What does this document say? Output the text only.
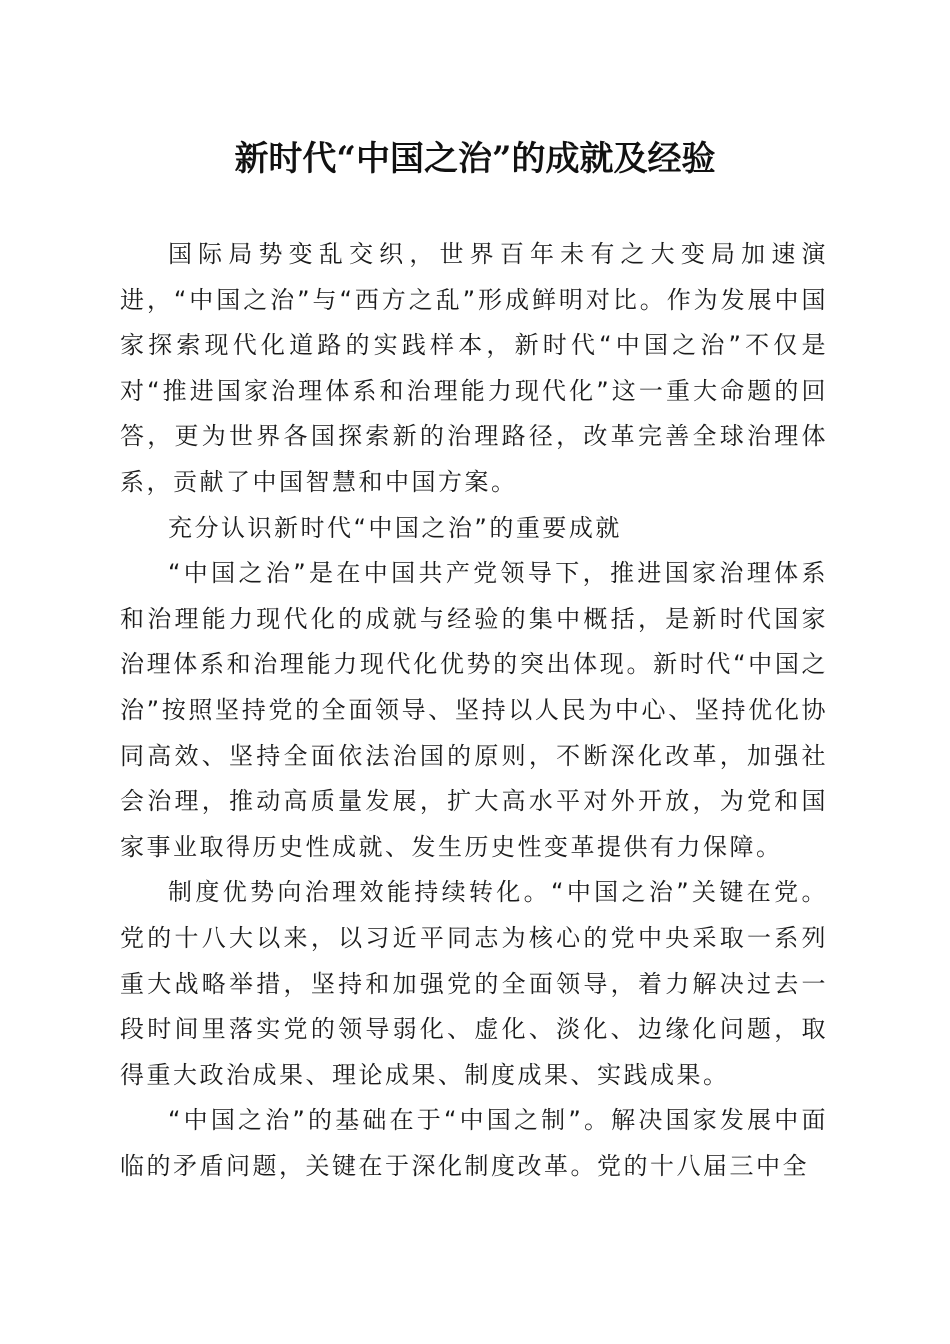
新时代“中国之治”的成就及经验

国际局势变乱交织，世界百年未有之大变局加速演进，“中国之治”与“西方之乱”形成鲜明对比。作为发展中国家探索现代化道路的实践样本，新时代“中国之治”不仅是对“推进国家治理体系和治理能力现代化”这一重大命题的回答，更为世界各国探索新的治理路径，改革完善全球治理体系，贡献了中国智慧和中国方案。

充分认识新时代“中国之治”的重要成就

“中国之治”是在中国共产党领导下，推进国家治理体系和治理能力现代化的成就与经验的集中概括，是新时代国家治理体系和治理能力现代化优势的突出体现。新时代“中国之治”按照坚持党的全面领导、坚持以人民为中心、坚持优化协同高效、坚持全面依法治国的原则，不断深化改革，加强社会治理，推动高质量发展，扩大高水平对外开放，为党和国家事业取得历史性成就、发生历史性变革提供有力保障。

制度优势向治理效能持续转化。“中国之治”关键在党。党的十八大以来，以习近平同志为核心的党中央采取一系列重大战略举措，坚持和加强党的全面领导，着力解决过去一段时间里落实党的领导弱化、虚化、淡化、边缘化问题，取得重大政治成果、理论成果、制度成果、实践成果。

“中国之治”的基础在于“中国之制”。解决国家发展中面临的矛盾问题，关键在于深化制度改革。党的十八届三中全
